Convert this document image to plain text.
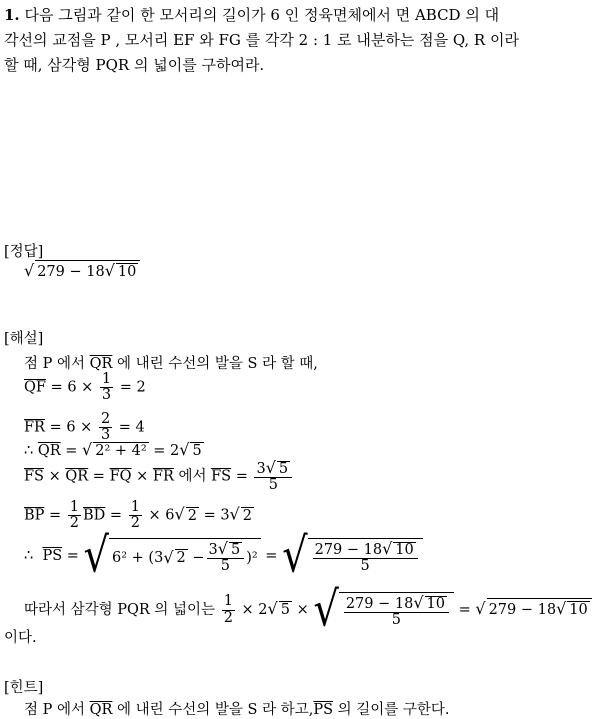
1. 다음 그림과 같이 한 모서리의 길이가 6 인 정육면체에서 면 ABCD 의 대
각선의 교점을 P , 모서리 EF 와 FG 를 각각 2 : 1 로 내분하는 점을 Q, R 이라
할 때, 삼각형 PQR 의 넓이를 구하여라.
[정답]
√ 279 − 18√ 10
[해설]
점 P 에서 $\overline{QR}$ 에 내린 수선의 발을 S 라 할 때,
$\overline{QF} = 6 \times \frac{1}{3} = 2$
$\overline{FR} = 6 \times \frac{2}{3} = 4$
∴ $\overline{QR}$ = √ 2² + 4² = 2√ 5
$\overline{FS} \times \overline{QR} = \overline{FQ} \times \overline{FR}$ 에서 $\overline{FS} = \frac{3√ 5}{5}$
$\overline{BP} = \frac{1}{2} \overline{BD} = \frac{1}{2} \times 6√$ 2 = 3√ 2
∴ $\overline{PS}$ = √ 6² + (3 √ 2
− $\frac{3√ 5}{5} )^2$ = √ $\frac{279 - 18√ 10}{5}$
따라서 삼각형 PQR 의 넓이는 $\frac{1}{2} \times 2√$ 5 × √ $\frac{279 - 18√ 10}{5}$ = √ 279 − 18√ 10
이다.
[힌트]
점 P 에서 $\overline{QR}$ 에 내린 수선의 발을 S 라 하고$,\overline{PS}$ 의 길이를 구한다.
